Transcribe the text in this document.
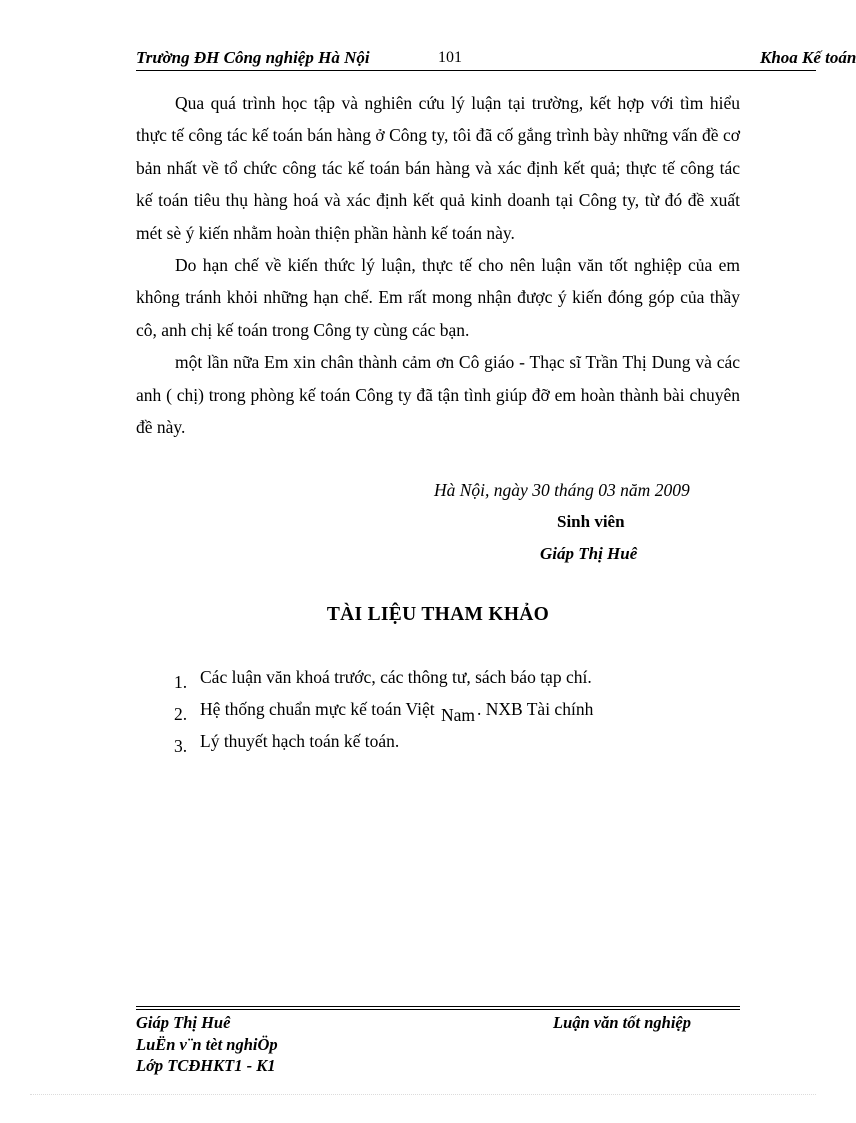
Trường ĐH Công nghiệp Hà Nội	101	Khoa Kế toán

Qua quá trình học tập và nghiên cứu lý luận tại trường, kết hợp với tìm hiểu thực tế công tác kế toán bán hàng ở Công ty, tôi đã cố gắng trình bày những vấn đề cơ bản nhất về tổ chức công tác kế toán bán hàng và xác định kết quả; thực tế công tác kế toán tiêu thụ hàng hoá và xác định kết quả kinh doanh tại Công ty, từ đó đề xuất mét sè ý kiến nhằm hoàn thiện phần hành kế toán này.

Do hạn chế về kiến thức lý luận, thực tế cho nên luận văn tốt nghiệp của em không tránh khỏi những hạn chế. Em rất mong nhận được ý kiến đóng góp của thầy cô, anh chị kế toán trong Công ty cùng các bạn.

một lần nữa Em xin chân thành cảm ơn Cô giáo - Thạc sĩ Trần Thị Dung và các anh ( chị) trong phòng kế toán Công ty đã tận tình giúp đỡ em hoàn thành bài chuyên đề này.

Hà Nội, ngày 30 tháng 03 năm 2009
Sinh viên
Giáp Thị Huê
TÀI LIỆU THAM KHẢO
1. Các luận văn khoá trước, các thông tư, sách báo tạp chí.
2. Hệ thống chuẩn mực kế toán Việt Nam . NXB Tài chính
3. Lý thuyết hạch toán kế toán.
Giáp Thị Huê
LuËn v¨n tèt nghiÖp
Lớp TCĐHKT1 - K1
Luận văn tốt nghiệp
